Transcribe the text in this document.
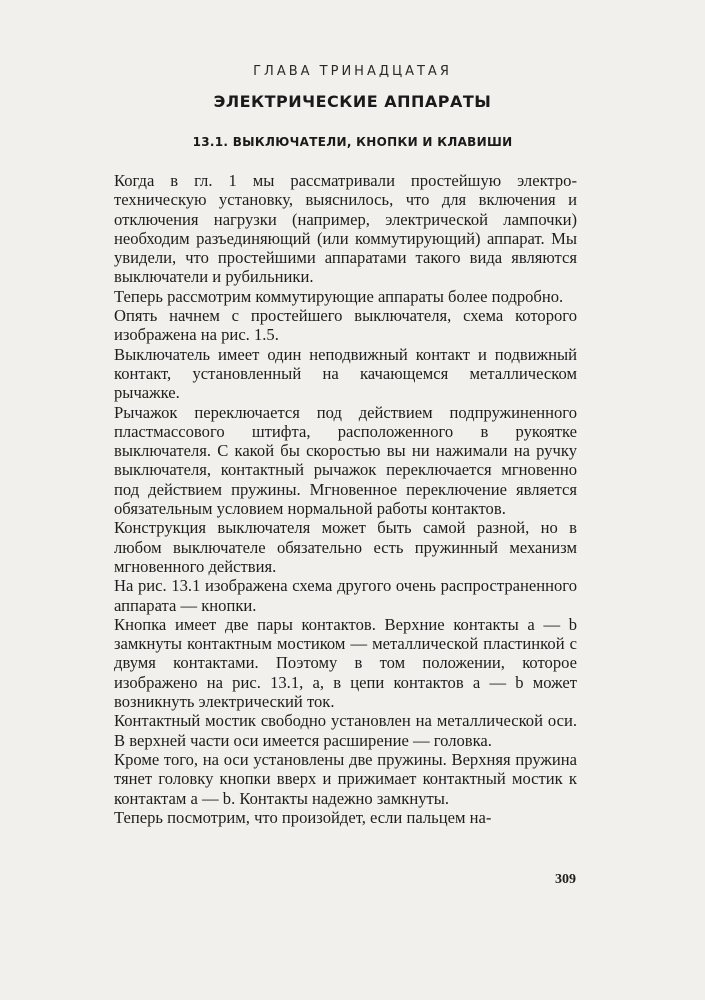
ГЛАВА ТРИНАДЦАТАЯ
ЭЛЕКТРИЧЕСКИЕ АППАРАТЫ
13.1. ВЫКЛЮЧАТЕЛИ, КНОПКИ И КЛАВИШИ

Когда в гл. 1 мы рассматривали простейшую электротехническую установку, выяснилось, что для включения и отключения нагрузки (например, электрической лампочки) необходим разъединяющий (или коммутирующий) аппарат. Мы увидели, что простейшими аппаратами такого вида являются выключатели и рубильники.

Теперь рассмотрим коммутирующие аппараты более подробно.

Опять начнем с простейшего выключателя, схема которого изображена на рис. 1.5.

Выключатель имеет один неподвижный контакт и подвижный контакт, установленный на качающемся металлическом рычажке.

Рычажок переключается под действием подпружиненного пластмассового штифта, расположенного в рукоятке выключателя. С какой бы скоростью вы ни нажимали на ручку выключателя, контактный рычажок переключается мгновенно под действием пружины. Мгновенное переключение является обязательным условием нормальной работы контактов.

Конструкция выключателя может быть самой разной, но в любом выключателе обязательно есть пружинный механизм мгновенного действия.

На рис. 13.1 изображена схема другого очень распространенного аппарата — кнопки.

Кнопка имеет две пары контактов. Верхние контакты a — b замкнуты контактным мостиком — металлической пластинкой с двумя контактами. Поэтому в том положении, которое изображено на рис. 13.1, a, в цепи контактов a — b может возникнуть электрический ток.

Контактный мостик свободно установлен на металлической оси. В верхней части оси имеется расширение — головка.

Кроме того, на оси установлены две пружины. Верхняя пружина тянет головку кнопки вверх и прижимает контактный мостик к контактам a — b. Контакты надежно замкнуты.

Теперь посмотрим, что произойдет, если пальцем на-

309
